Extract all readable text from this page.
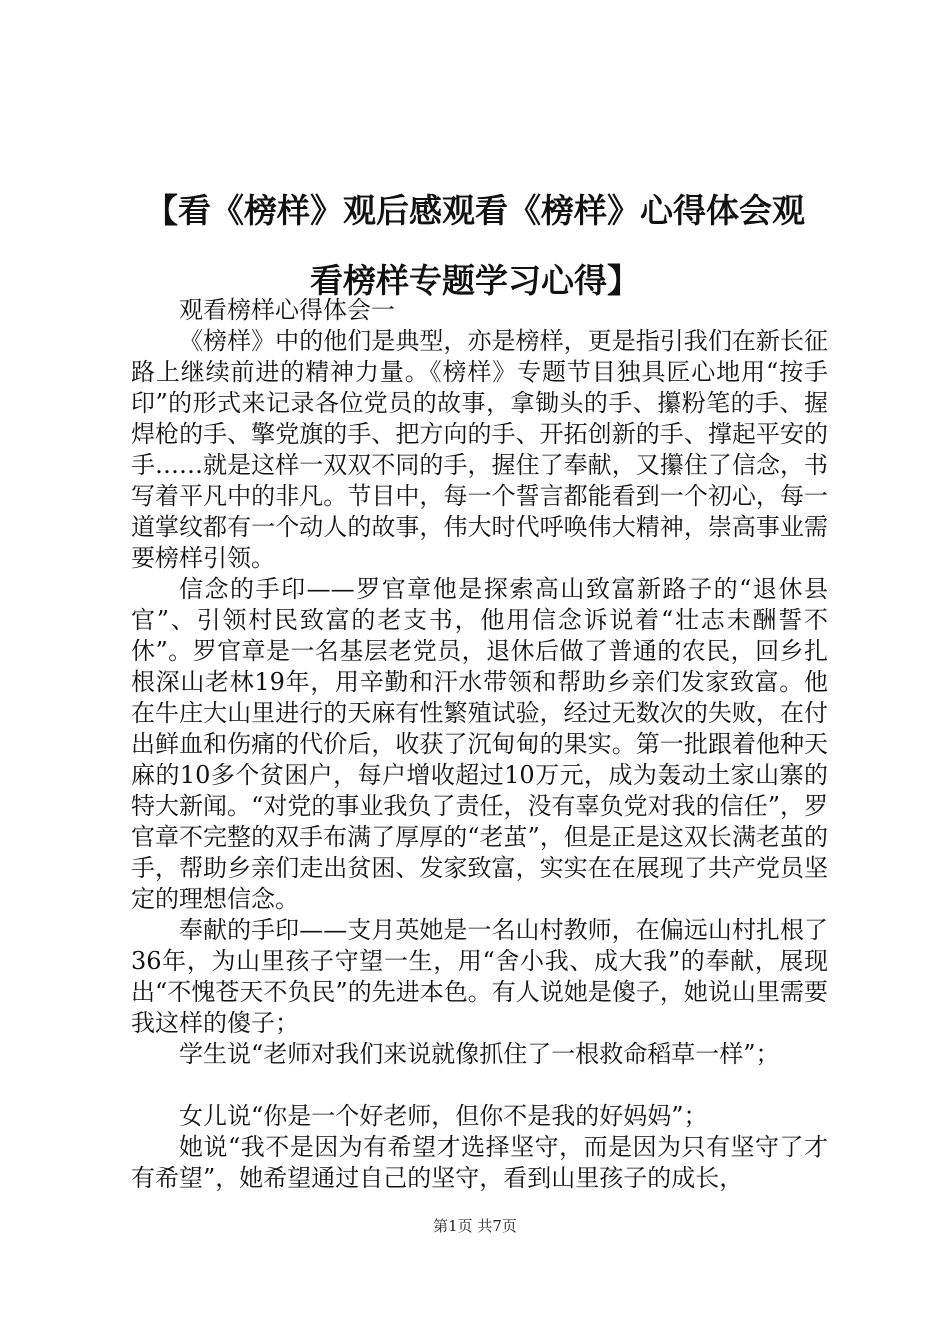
【看《榜样》观后感观看《榜样》心得体会观
看榜样专题学习心得】

观看榜样心得体会一

《榜样》中的他们是典型，亦是榜样，更是指引我们在新长征路上继续前进的精神力量。《榜样》专题节目独具匠心地用“按手印”的形式来记录各位党员的故事，拿锄头的手、攥粉笔的手、握焊枪的手、擎党旗的手、把方向的手、开拓创新的手、撑起平安的手……就是这样一双双不同的手，握住了奉献，又攥住了信念，书写着平凡中的非凡。节目中，每一个誓言都能看到一个初心，每一道掌纹都有一个动人的故事，伟大时代呼唤伟大精神，崇高事业需要榜样引领。

信念的手印——罗官章他是探索高山致富新路子的“退休县官”、引领村民致富的老支书，他用信念诉说着“壮志未酬誓不休”。罗官章是一名基层老党员，退休后做了普通的农民，回乡扎根深山老林19年，用辛勤和汗水带领和帮助乡亲们发家致富。他在牛庄大山里进行的天麻有性繁殖试验，经过无数次的失败，在付出鲜血和伤痛的代价后，收获了沉甸甸的果实。第一批跟着他种天麻的10多个贫困户，每户增收超过10万元，成为轰动土家山寨的特大新闻。“对党的事业我负了责任，没有辜负党对我的信任”，罗官章不完整的双手布满了厚厚的“老茧”，但是正是这双长满老茧的手，帮助乡亲们走出贫困、发家致富，实实在在展现了共产党员坚定的理想信念。

奉献的手印——支月英她是一名山村教师，在偏远山村扎根了36年，为山里孩子守望一生，用“舍小我、成大我”的奉献，展现出“不愧苍天不负民”的先进本色。有人说她是傻子，她说山里需要我这样的傻子；

学生说“老师对我们来说就像抓住了一根救命稻草一样”；

女儿说“你是一个好老师，但你不是我的好妈妈”；

她说“我不是因为有希望才选择坚守，而是因为只有坚守了才有希望”，她希望通过自己的坚守，看到山里孩子的成长，

第1页 共7页
